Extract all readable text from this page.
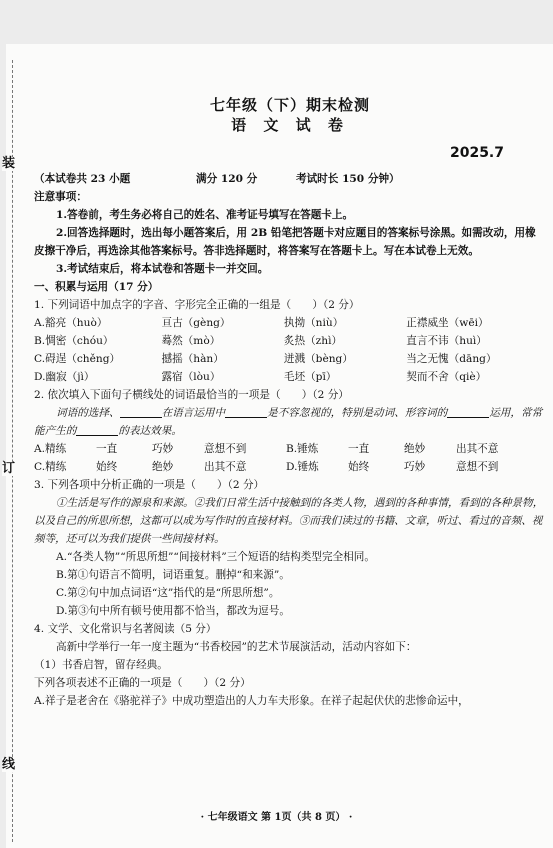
装
订
线
七年级（下）期末检测
语 文 试 卷
2025.7
（本试卷共 23 小题	满分 120 分	考试时长 150 分钟）

注意事项：

1.答卷前，考生务必将自己的姓名、准考证号填写在答题卡上。

2.回答选择题时，选出每小题答案后，用 2B 铅笔把答题卡对应题目的答案标号涂黑。如需改动，用橡皮擦干净后，再选涂其他答案标号。答非选择题时，将答案写在答题卡上。写在本试卷上无效。

3.考试结束后，将本试卷和答题卡一并交回。

一、积累与运用（17 分）

1. 下列词语中加点字的字音、字形完全正确的一组是（　　）（2 分）

A.豁亮（huò）	亘古（gèng）	执拗（niù）	正襟威坐（wēi）
B.惆密（chóu）	蓦然（mò）	炙热（zhì）	直言不讳（huì）
C.碍逞（chěng）	撼摇（hàn）	迸溅（bèng）	当之无愧（dāng）
D.幽寂（jì）	露宿（lòu）	毛坯（pī）	契而不舍（qiè）

2. 依次填入下面句子横线处的词语最恰当的一项是（　　）（2 分）

词语的选择、	在语言运用中	是不容忽视的，特别是动词、形容词的	运用，常常能产生的	的表达效果。

A.精练	一直	巧妙	意想不到	B.锤炼	一直	绝妙	出其不意
C.精练	始终	绝妙	出其不意	D.锤炼	始终	巧妙	意想不到

3. 下列各项中分析正确的一项是（　　）（2 分）

①生活是写作的源泉和来源。②我们日常生活中接触到的各类人物，遇到的各种事情，看到的各种景物，以及自己的所思所想，这都可以成为写作时的直接材料。③而我们读过的书籍、文章，听过、看过的音频、视频等，还可以为我们提供一些间接材料。

A.“各类人物”“所思所想”“间接材料”三个短语的结构类型完全相同。

B.第①句语言不简明，词语重复。删掉“和来源”。

C.第②句中加点词语“这”指代的是“所思所想”。

D.第③句中所有顿号使用都不恰当，都改为逗号。

4. 文学、文化常识与名著阅读（5 分）

高新中学举行一年一度主题为“书香校园”的艺术节展演活动，活动内容如下：

（1）书香启智，留存经典。

下列各项表述不正确的一项是（　　）（2 分）

A.祥子是老舍在《骆驼祥子》中成功塑造出的人力车夫形象。在祥子起起伏伏的悲惨命运中，

· 七年级语文 第 1页（共 8 页） ·
